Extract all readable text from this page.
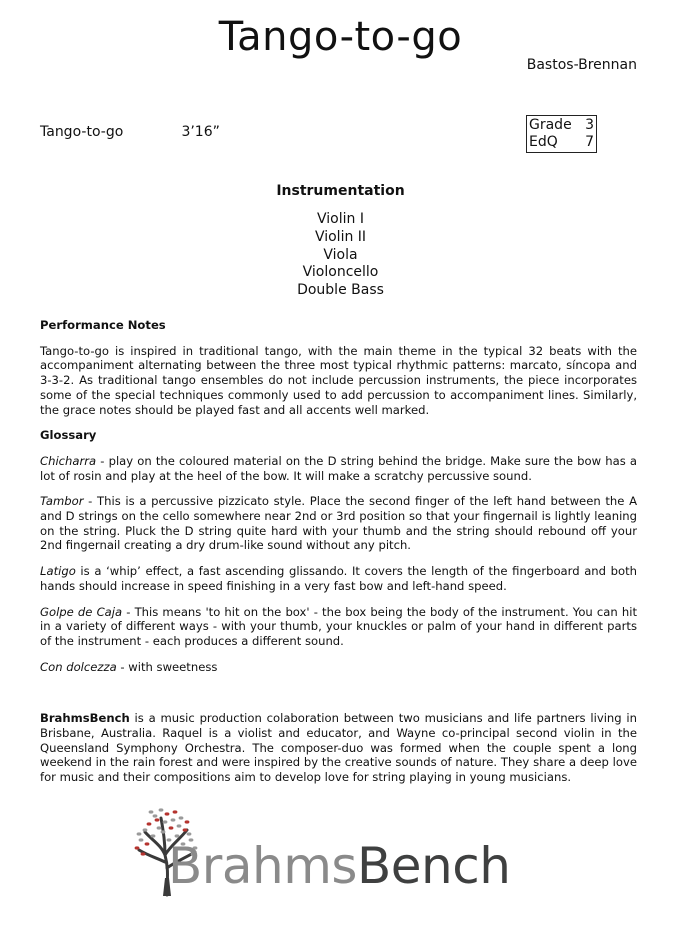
Tango-to-go
Bastos-Brennan
Tango-to-go	3’16”	Grade 3
EdQ 7
Instrumentation
Violin I
Violin II
Viola
Violoncello
Double Bass
Performance Notes

Tango-to-go is inspired in traditional tango, with the main theme in the typical 32 beats with the accompaniment alternating between the three most typical rhythmic patterns: marcato, síncopa and 3-3-2. As traditional tango ensembles do not include percussion instruments, the piece incorporates some of the special techniques commonly used to add percussion to accompaniment lines. Similarly, the grace notes should be played fast and all accents well marked.

Glossary

Chicharra - play on the coloured material on the D string behind the bridge. Make sure the bow has a lot of rosin and play at the heel of the bow. It will make a scratchy percussive sound.

Tambor - This is a percussive pizzicato style. Place the second finger of the left hand between the A and D strings on the cello somewhere near 2nd or 3rd position so that your fingernail is lightly leaning on the string. Pluck the D string quite hard with your thumb and the string should rebound off your 2nd fingernail creating a dry drum-like sound without any pitch.

Latigo is a ‘whip’ effect, a fast ascending glissando. It covers the length of the fingerboard and both hands should increase in speed finishing in a very fast bow and left-hand speed.

Golpe de Caja - This means 'to hit on the box' - the box being the body of the instrument. You can hit in a variety of different ways - with your thumb, your knuckles or palm of your hand in different parts of the instrument - each produces a different sound.

Con dolcezza - with sweetness

BrahmsBench is a music production colaboration between two musicians and life partners living in Brisbane, Australia. Raquel is a violist and educator, and Wayne co-principal second violin in the Queensland Symphony Orchestra. The composer-duo was formed when the couple spent a long weekend in the rain forest and were inspired by the creative sounds of nature. They share a deep love for music and their compositions aim to develop love for string playing in young musicians.

BrahmsBench
